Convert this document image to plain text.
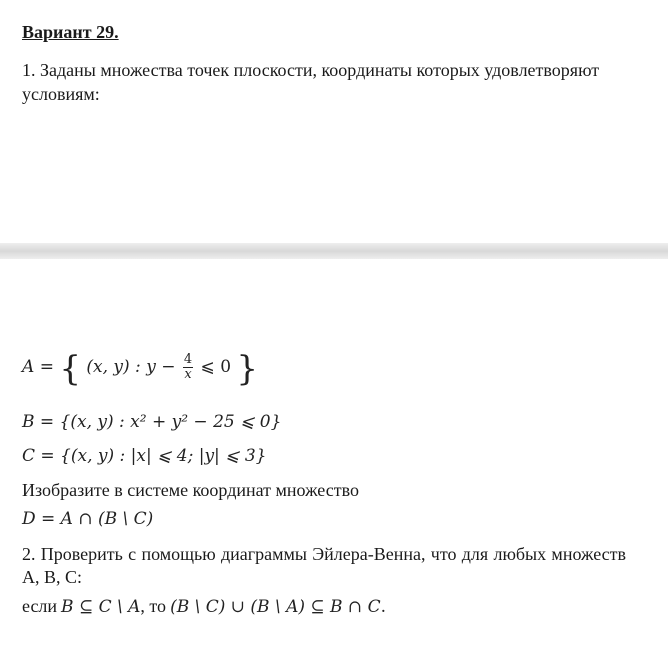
Вариант 29.
1. Заданы множества точек плоскости, координаты которых удовлетворяют условиям:
A = { (x, y) : $y - \frac{4}{x}$ ⩽ 0 }
B = {(x, y) : x² + y² − 25 ⩽ 0}
C = {(x, y) : |x| ⩽ 4; |y| ⩽ 3}
Изобразите в системе координат множество
D = A ∩ (B \ C)
2. Проверить с помощью диаграммы Эйлера-Венна, что для любых множеств A, B, C:
если B ⊆ C \ A, то (B \ C) ∪ (B \ A) ⊆ B ∩ C.
